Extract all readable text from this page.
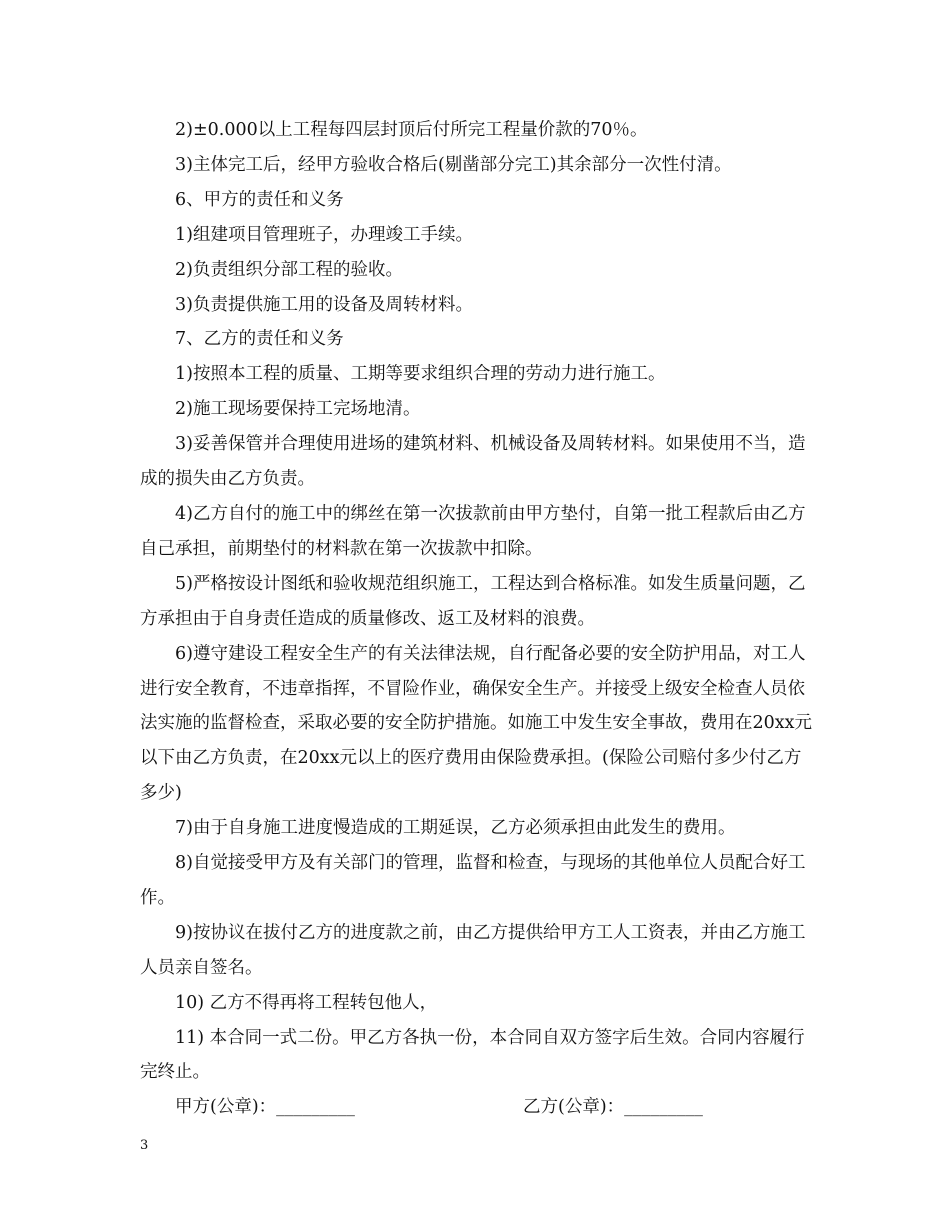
2)±0.000以上工程每四层封顶后付所完工程量价款的70％。

3)主体完工后，经甲方验收合格后(剔凿部分完工)其余部分一次性付清。

6、甲方的责任和义务

1)组建项目管理班子，办理竣工手续。

2)负责组织分部工程的验收。

3)负责提供施工用的设备及周转材料。

7、乙方的责任和义务

1)按照本工程的质量、工期等要求组织合理的劳动力进行施工。

2)施工现场要保持工完场地清。

3)妥善保管并合理使用进场的建筑材料、机械设备及周转材料。如果使用不当，造成的损失由乙方负责。

4)乙方自付的施工中的绑丝在第一次拔款前由甲方垫付，自第一批工程款后由乙方自己承担，前期垫付的材料款在第一次拔款中扣除。

5)严格按设计图纸和验收规范组织施工，工程达到合格标准。如发生质量问题，乙方承担由于自身责任造成的质量修改、返工及材料的浪费。

6)遵守建设工程安全生产的有关法律法规，自行配备必要的安全防护用品，对工人进行安全教育，不违章指挥，不冒险作业，确保安全生产。并接受上级安全检查人员依法实施的监督检查，采取必要的安全防护措施。如施工中发生安全事故，费用在20xx元以下由乙方负责，在20xx元以上的医疗费用由保险费承担。(保险公司赔付多少付乙方多少)

7)由于自身施工进度慢造成的工期延误，乙方必须承担由此发生的费用。

8)自觉接受甲方及有关部门的管理，监督和检查，与现场的其他单位人员配合好工作。

9)按协议在拔付乙方的进度款之前，由乙方提供给甲方工人工资表，并由乙方施工人员亲自签名。

10) 乙方不得再将工程转包他人，

11) 本合同一式二份。甲乙方各执一份，本合同自双方签字后生效。合同内容履行完终止。

甲方(公章)：_________	乙方(公章)：_________
3
